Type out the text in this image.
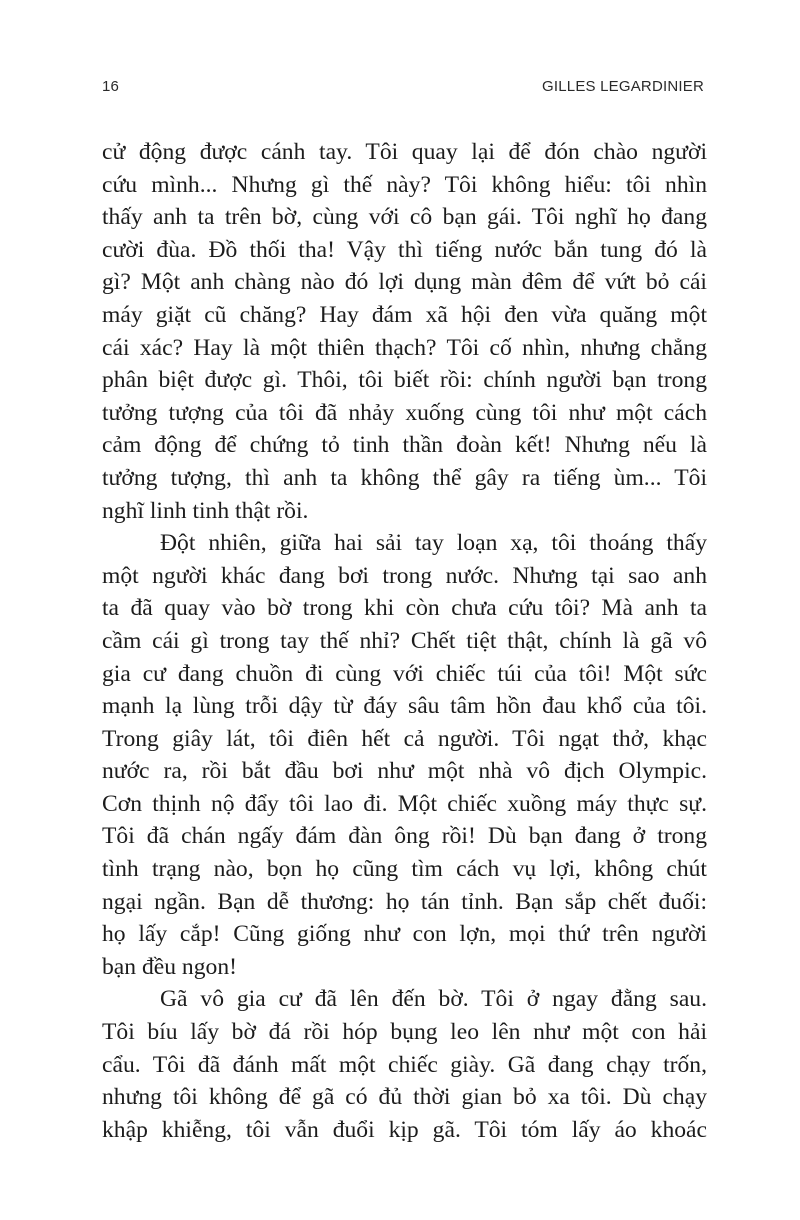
16	GILLES LEGARDINIER
cử động được cánh tay. Tôi quay lại để đón chào người
cứu mình... Nhưng gì thế này? Tôi không hiểu: tôi nhìn
thấy anh ta trên bờ, cùng với cô bạn gái. Tôi nghĩ họ đang
cười đùa. Đồ thối tha! Vậy thì tiếng nước bắn tung đó là
gì? Một anh chàng nào đó lợi dụng màn đêm để vứt bỏ cái
máy giặt cũ chăng? Hay đám xã hội đen vừa quăng một
cái xác? Hay là một thiên thạch? Tôi cố nhìn, nhưng chẳng
phân biệt được gì. Thôi, tôi biết rồi: chính người bạn trong
tưởng tượng của tôi đã nhảy xuống cùng tôi như một cách
cảm động để chứng tỏ tinh thần đoàn kết! Nhưng nếu là
tưởng tượng, thì anh ta không thể gây ra tiếng ùm... Tôi
nghĩ linh tinh thật rồi.
Đột nhiên, giữa hai sải tay loạn xạ, tôi thoáng thấy
một người khác đang bơi trong nước. Nhưng tại sao anh
ta đã quay vào bờ trong khi còn chưa cứu tôi? Mà anh ta
cầm cái gì trong tay thế nhỉ? Chết tiệt thật, chính là gã vô
gia cư đang chuồn đi cùng với chiếc túi của tôi! Một sức
mạnh lạ lùng trỗi dậy từ đáy sâu tâm hồn đau khổ của tôi.
Trong giây lát, tôi điên hết cả người. Tôi ngạt thở, khạc
nước ra, rồi bắt đầu bơi như một nhà vô địch Olympic.
Cơn thịnh nộ đẩy tôi lao đi. Một chiếc xuồng máy thực sự.
Tôi đã chán ngấy đám đàn ông rồi! Dù bạn đang ở trong
tình trạng nào, bọn họ cũng tìm cách vụ lợi, không chút
ngại ngần. Bạn dễ thương: họ tán tỉnh. Bạn sắp chết đuối:
họ lấy cắp! Cũng giống như con lợn, mọi thứ trên người
bạn đều ngon!
Gã vô gia cư đã lên đến bờ. Tôi ở ngay đằng sau.
Tôi bíu lấy bờ đá rồi hóp bụng leo lên như một con hải
cẩu. Tôi đã đánh mất một chiếc giày. Gã đang chạy trốn,
nhưng tôi không để gã có đủ thời gian bỏ xa tôi. Dù chạy
khập khiễng, tôi vẫn đuổi kịp gã. Tôi tóm lấy áo khoác
